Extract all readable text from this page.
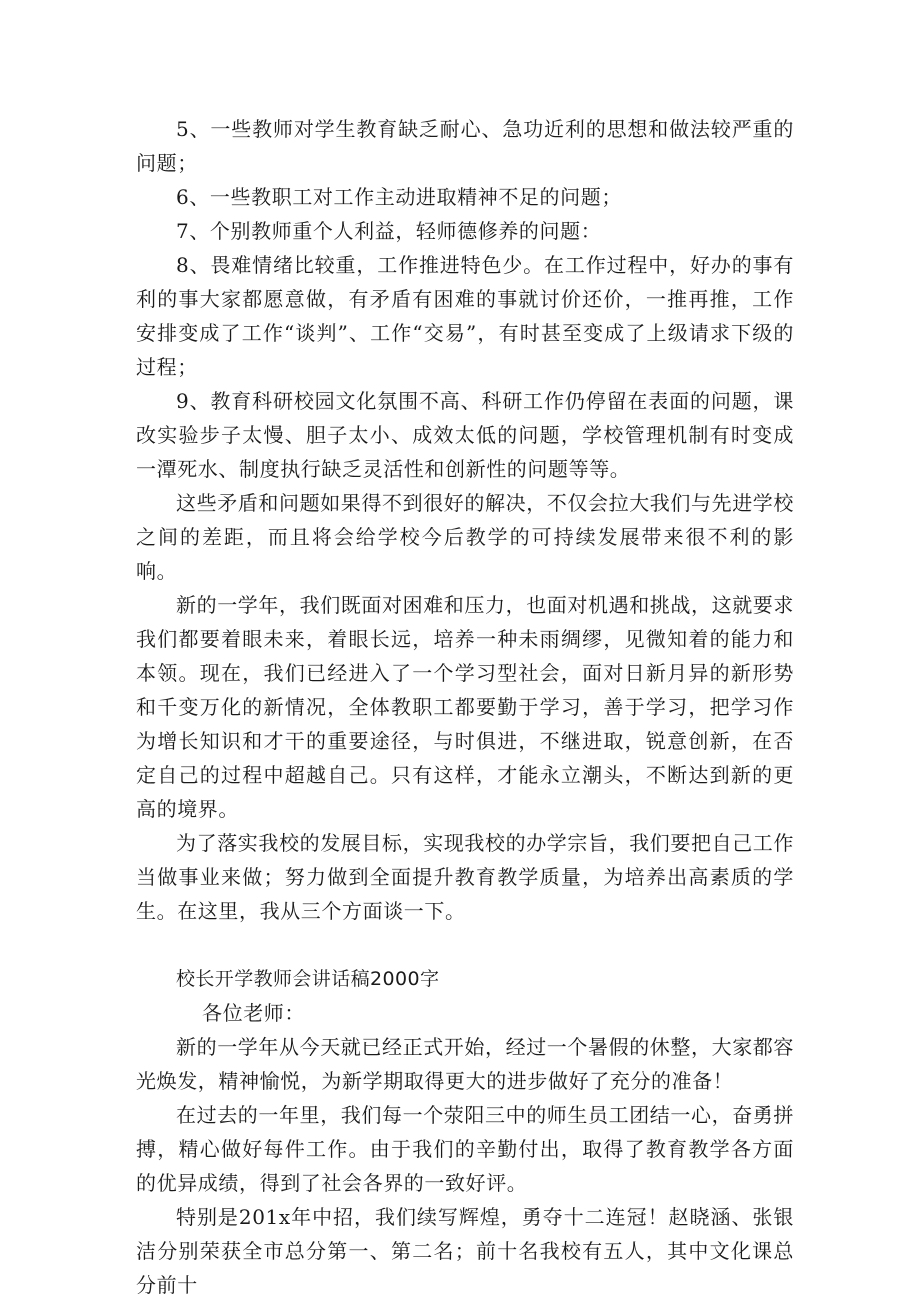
5、一些教师对学生教育缺乏耐心、急功近利的思想和做法较严重的问题；

6、一些教职工对工作主动进取精神不足的问题；

7、个别教师重个人利益，轻师德修养的问题：

8、畏难情绪比较重，工作推进特色少。在工作过程中，好办的事有利的事大家都愿意做，有矛盾有困难的事就讨价还价，一推再推，工作安排变成了工作“谈判”、工作“交易”，有时甚至变成了上级请求下级的过程；

9、教育科研校园文化氛围不高、科研工作仍停留在表面的问题，课改实验步子太慢、胆子太小、成效太低的问题，学校管理机制有时变成一潭死水、制度执行缺乏灵活性和创新性的问题等等。

这些矛盾和问题如果得不到很好的解决，不仅会拉大我们与先进学校之间的差距，而且将会给学校今后教学的可持续发展带来很不利的影响。

新的一学年，我们既面对困难和压力，也面对机遇和挑战，这就要求我们都要着眼未来，着眼长远，培养一种未雨绸缪，见微知着的能力和本领。现在，我们已经进入了一个学习型社会，面对日新月异的新形势和千变万化的新情况，全体教职工都要勤于学习，善于学习，把学习作为增长知识和才干的重要途径，与时俱进，不继进取，锐意创新，在否定自己的过程中超越自己。只有这样，才能永立潮头，不断达到新的更高的境界。

为了落实我校的发展目标，实现我校的办学宗旨，我们要把自己工作当做事业来做；努力做到全面提升教育教学质量，为培养出高素质的学生。在这里，我从三个方面谈一下。

校长开学教师会讲话稿2000字

各位老师：

新的一学年从今天就已经正式开始，经过一个暑假的休整，大家都容光焕发，精神愉悦，为新学期取得更大的进步做好了充分的准备！

在过去的一年里，我们每一个荥阳三中的师生员工团结一心，奋勇拼搏，精心做好每件工作。由于我们的辛勤付出，取得了教育教学各方面的优异成绩，得到了社会各界的一致好评。

特别是201x年中招，我们续写辉煌，勇夺十二连冠！赵晓涵、张银洁分别荣获全市总分第一、第二名；前十名我校有五人，其中文化课总分前十
